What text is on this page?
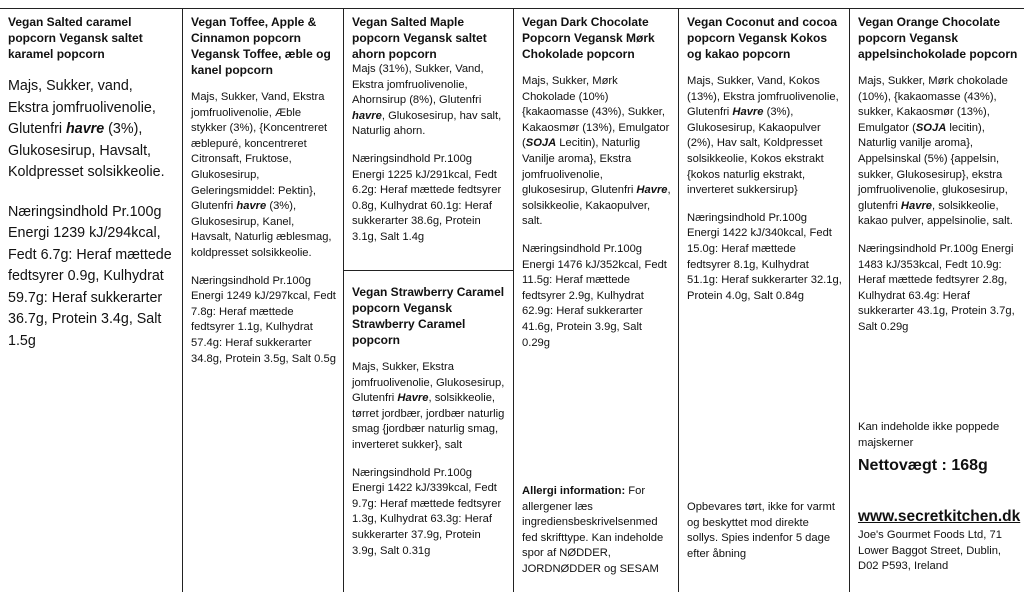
Vegan Salted caramel popcorn Vegansk saltet karamel popcorn
Majs, Sukker, vand, Ekstra jomfruolivenolie, Glutenfri havre (3%), Glukosesirup, Havsalt, Koldpresset solsikkeolie.
Næringsindhold Pr.100g Energi 1239 kJ/294kcal, Fedt 6.7g: Heraf mættede fedtsyrer 0.9g, Kulhydrat 59.7g: Heraf sukkerarter 36.7g, Protein 3.4g, Salt 1.5g
Vegan Toffee, Apple & Cinnamon popcorn Vegansk Toffee, æble og kanel popcorn
Majs, Sukker, Vand, Ekstra jomfruolivenolie, Æble stykker (3%), {Koncentreret æblepuré, koncentreret Citronsaft, Fruktose, Glukosesirup, Geleringsmiddel: Pektin}, Glutenfri havre (3%), Glukosesirup, Kanel, Havsalt, Naturlig æblesmag, koldpresset solsikkeolie.
Næringsindhold Pr.100g Energi 1249 kJ/297kcal, Fedt 7.8g: Heraf mættede fedtsyrer 1.1g, Kulhydrat 57.4g: Heraf sukkerarter 34.8g, Protein 3.5g, Salt 0.5g
Vegan Salted Maple popcorn Vegansk saltet ahorn popcorn
Majs (31%), Sukker, Vand, Ekstra jomfruolivenolie, Ahornsirup (8%), Glutenfri havre, Glukosesirup, hav salt, Naturlig ahorn.
Næringsindhold Pr.100g Energi 1225 kJ/291kcal, Fedt 6.2g: Heraf mættede fedtsyrer 0.8g, Kulhydrat 60.1g: Heraf sukkerarter 38.6g, Protein 3.1g, Salt 1.4g
Vegan Strawberry Caramel popcorn Vegansk Strawberry Caramel popcorn
Majs, Sukker, Ekstra jomfruolivenolie, Glukosesirup, Glutenfri Havre, solsikkeolie, tørret jordbær, jordbær naturlig smag {jordbær naturlig smag, inverteret sukker}, salt
Næringsindhold Pr.100g Energi 1422 kJ/339kcal, Fedt 9.7g: Heraf mættede fedtsyrer 1.3g, Kulhydrat 63.3g: Heraf sukkerarter 37.9g, Protein 3.9g, Salt 0.31g
Vegan Dark Chocolate Popcorn Vegansk Mørk Chokolade popcorn
Majs, Sukker, Mørk Chokolade (10%) {kakaomasse (43%), Sukker, Kakaosmør (13%), Emulgator (SOJA Lecitin), Naturlig Vanilje aroma}, Ekstra jomfruolivenolie, glukosesirup, Glutenfri Havre, solsikkeolie, Kakaopulver, salt.
Næringsindhold Pr.100g Energi 1476 kJ/352kcal, Fedt 11.5g: Heraf mættede fedtsyrer 2.9g, Kulhydrat 62.9g: Heraf sukkerarter 41.6g, Protein 3.9g, Salt 0.29g
Allergi information: For allergener læs ingrediensbeskrivelsenmed fed skrifttype. Kan indeholde spor af NØDDER, JORDNØDDER og SESAM
Vegan Coconut and cocoa popcorn Vegansk Kokos og kakao popcorn
Majs, Sukker, Vand, Kokos (13%), Ekstra jomfruolivenolie, Glutenfri Havre (3%), Glukosesirup, Kakaopulver (2%), Hav salt, Koldpresset solsikkeolie, Kokos ekstrakt {kokos naturlig ekstrakt, inverteret sukkersirup}
Næringsindhold Pr.100g Energi 1422 kJ/340kcal, Fedt 15.0g: Heraf mættede fedtsyrer 8.1g, Kulhydrat 51.1g: Heraf sukkerarter 32.1g, Protein 4.0g, Salt 0.84g
Opbevares tørt, ikke for varmt og beskyttet mod direkte sollys. Spies indenfor 5 dage efter åbning
Vegan Orange Chocolate popcorn Vegansk appelsinchokolade popcorn
Majs, Sukker, Mørk chokolade (10%), {kakaomasse (43%), sukker, Kakaosmør (13%), Emulgator (SOJA lecitin), Naturlig vanilje aroma}, Appelsinskal (5%) {appelsin, sukker, Glukosesirup}, ekstra jomfruolivenolie, glukosesirup, glutenfri Havre, solsikkeolie, kakao pulver, appelsinolie, salt.
Næringsindhold Pr.100g Energi 1483 kJ/353kcal, Fedt 10.9g: Heraf mættede fedtsyrer 2.8g, Kulhydrat 63.4g: Heraf sukkerarter 43.1g, Protein 3.7g, Salt 0.29g
Kan indeholde ikke poppede majskerner
Nettovægt : 168g
www.secretkitchen.dk
Joe's Gourmet Foods Ltd, 71 Lower Baggot Street, Dublin, D02 P593, Ireland
